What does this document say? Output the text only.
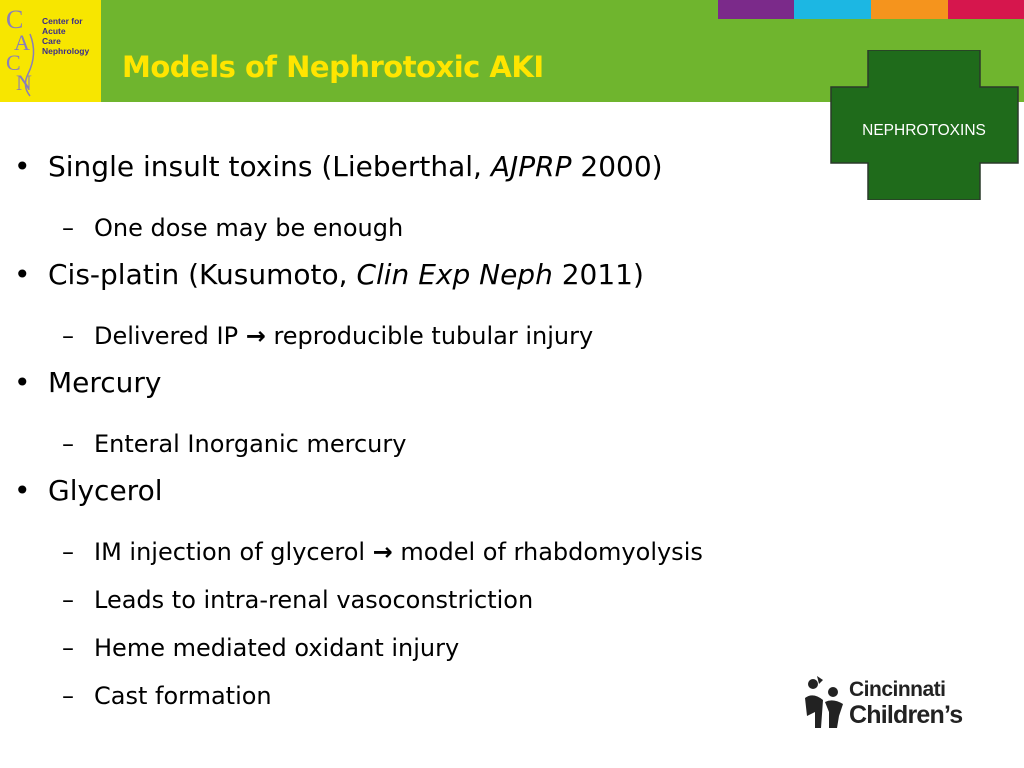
C
A
C
N
Center for
Acute
Care
Nephrology	Models of Nephrotoxic AKI
NEPHROTOXINS
• Single insult toxins (Lieberthal, AJPRP 2000)
– One dose may be enough
• Cis-platin (Kusumoto, Clin Exp Neph 2011)
– Delivered IP → reproducible tubular injury
• Mercury
– Enteral Inorganic mercury
• Glycerol
– IM injection of glycerol → model of rhabdomyolysis
– Leads to intra-renal vasoconstriction
– Heme mediated oxidant injury
– Cast formation	Cincinnati
Children’s
